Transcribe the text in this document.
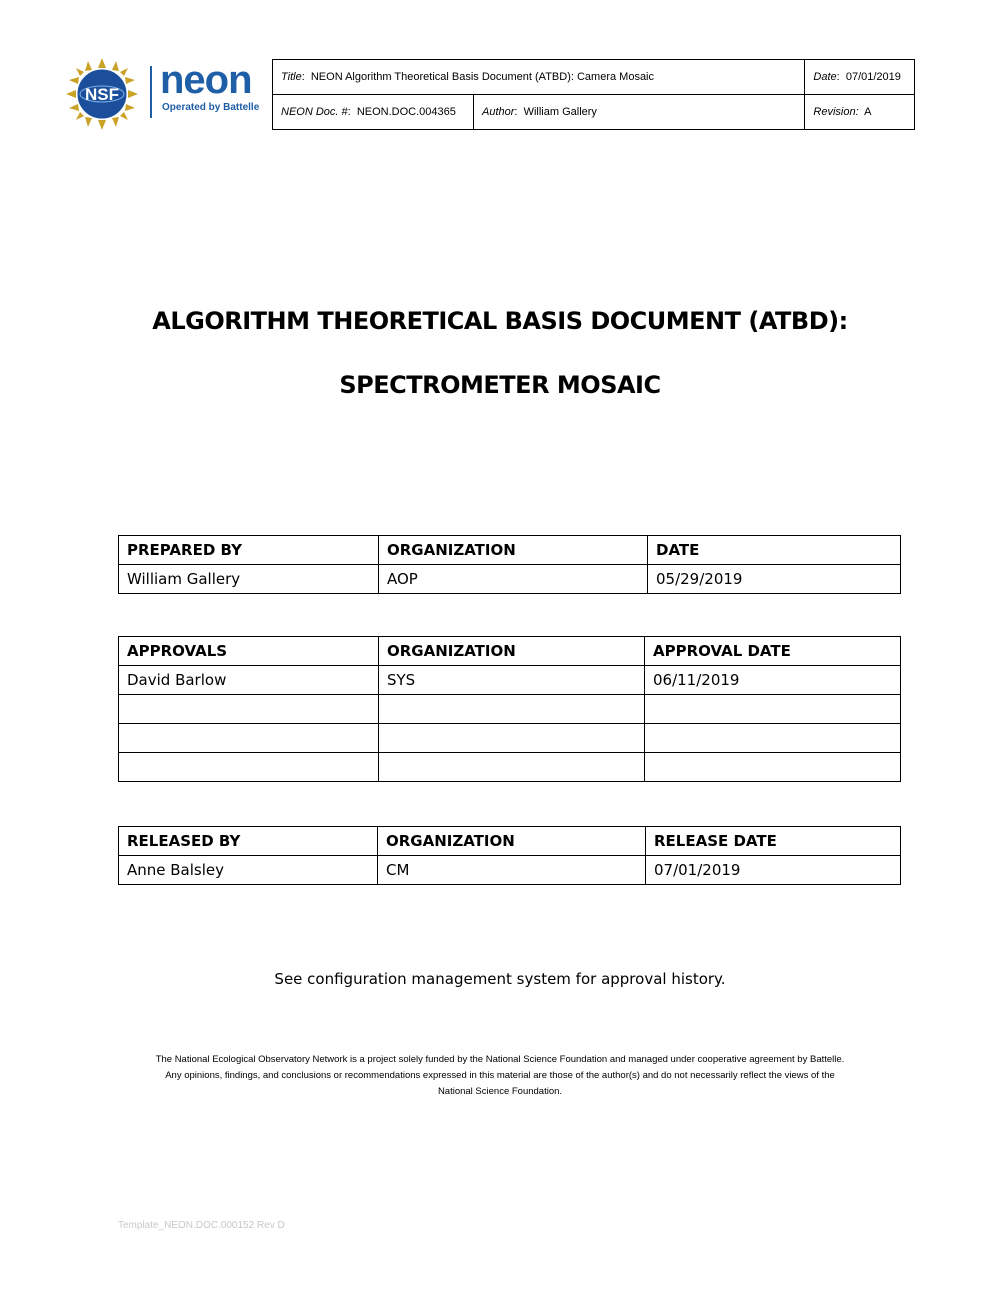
NSF neon
Operated by Battelle
Title:  NEON Algorithm Theoretical Basis Document (ATBD): Camera Mosaic		Date:  07/01/2019
NEON Doc. #:  NEON.DOC.004365	Author:  William Gallery	Revision: A
ALGORITHM THEORETICAL BASIS DOCUMENT (ATBD):
SPECTROMETER MOSAIC
PREPARED BY	ORGANIZATION	DATE
William Gallery	AOP	05/29/2019
APPROVALS	ORGANIZATION	APPROVAL DATE
David Barlow	SYS	06/11/2019

RELEASED BY	ORGANIZATION	RELEASE DATE
Anne Balsley	CM	07/01/2019
See configuration management system for approval history.
The National Ecological Observatory Network is a project solely funded by the National Science Foundation and managed under cooperative agreement by Battelle.
Any opinions, findings, and conclusions or recommendations expressed in this material are those of the author(s) and do not necessarily reflect the views of the
National Science Foundation.
Template_NEON.DOC.000152 Rev D
